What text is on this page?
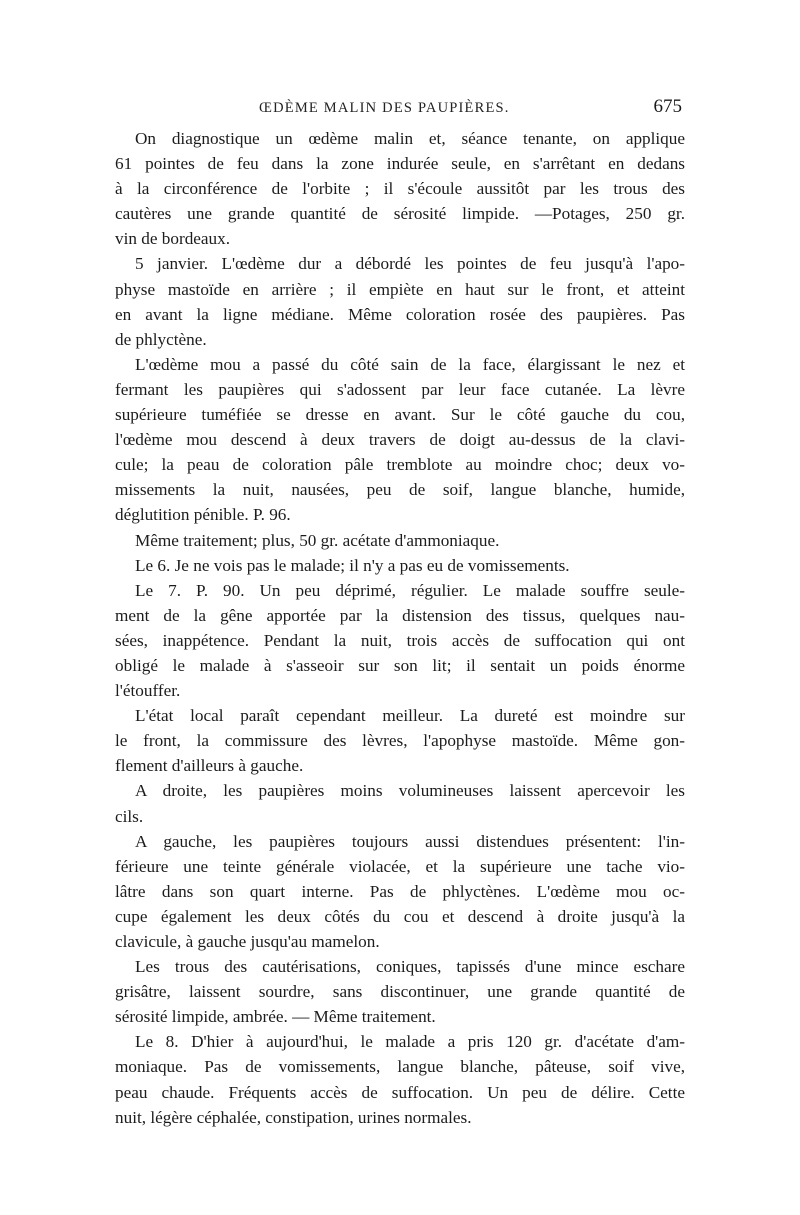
ŒDÈME MALIN DES PAUPIÈRES.	675
On diagnostique un œdème malin et, séance tenante, on applique
61 pointes de feu dans la zone indurée seule, en s'arrêtant en dedans
à la circonférence de l'orbite ; il s'écoule aussitôt par les trous des
cautères une grande quantité de sérosité limpide. —Potages, 250 gr.
vin de bordeaux.
5 janvier. L'œdème dur a débordé les pointes de feu jusqu'à l'apo-
physe mastoïde en arrière ; il empiète en haut sur le front, et atteint
en avant la ligne médiane. Même coloration rosée des paupières. Pas
de phlyctène.
L'œdème mou a passé du côté sain de la face, élargissant le nez et
fermant les paupières qui s'adossent par leur face cutanée. La lèvre
supérieure tuméfiée se dresse en avant. Sur le côté gauche du cou,
l'œdème mou descend à deux travers de doigt au-dessus de la clavi-
cule; la peau de coloration pâle tremblote au moindre choc; deux vo-
missements la nuit, nausées, peu de soif, langue blanche, humide,
déglutition pénible. P. 96.
Même traitement; plus, 50 gr. acétate d'ammoniaque.
Le 6. Je ne vois pas le malade; il n'y a pas eu de vomissements.
Le 7. P. 90. Un peu déprimé, régulier. Le malade souffre seule-
ment de la gêne apportée par la distension des tissus, quelques nau-
sées, inappétence. Pendant la nuit, trois accès de suffocation qui ont
obligé le malade à s'asseoir sur son lit; il sentait un poids énorme
l'étouffer.
L'état local paraît cependant meilleur. La dureté est moindre sur
le front, la commissure des lèvres, l'apophyse mastoïde. Même gon-
flement d'ailleurs à gauche.
A droite, les paupières moins volumineuses laissent apercevoir les
cils.
A gauche, les paupières toujours aussi distendues présentent: l'in-
férieure une teinte générale violacée, et la supérieure une tache vio-
lâtre dans son quart interne. Pas de phlyctènes. L'œdème mou oc-
cupe également les deux côtés du cou et descend à droite jusqu'à la
clavicule, à gauche jusqu'au mamelon.
Les trous des cautérisations, coniques, tapissés d'une mince eschare
grisâtre, laissent sourdre, sans discontinuer, une grande quantité de
sérosité limpide, ambrée. — Même traitement.
Le 8. D'hier à aujourd'hui, le malade a pris 120 gr. d'acétate d'am-
moniaque. Pas de vomissements, langue blanche, pâteuse, soif vive,
peau chaude. Fréquents accès de suffocation. Un peu de délire. Cette
nuit, légère céphalée, constipation, urines normales.
